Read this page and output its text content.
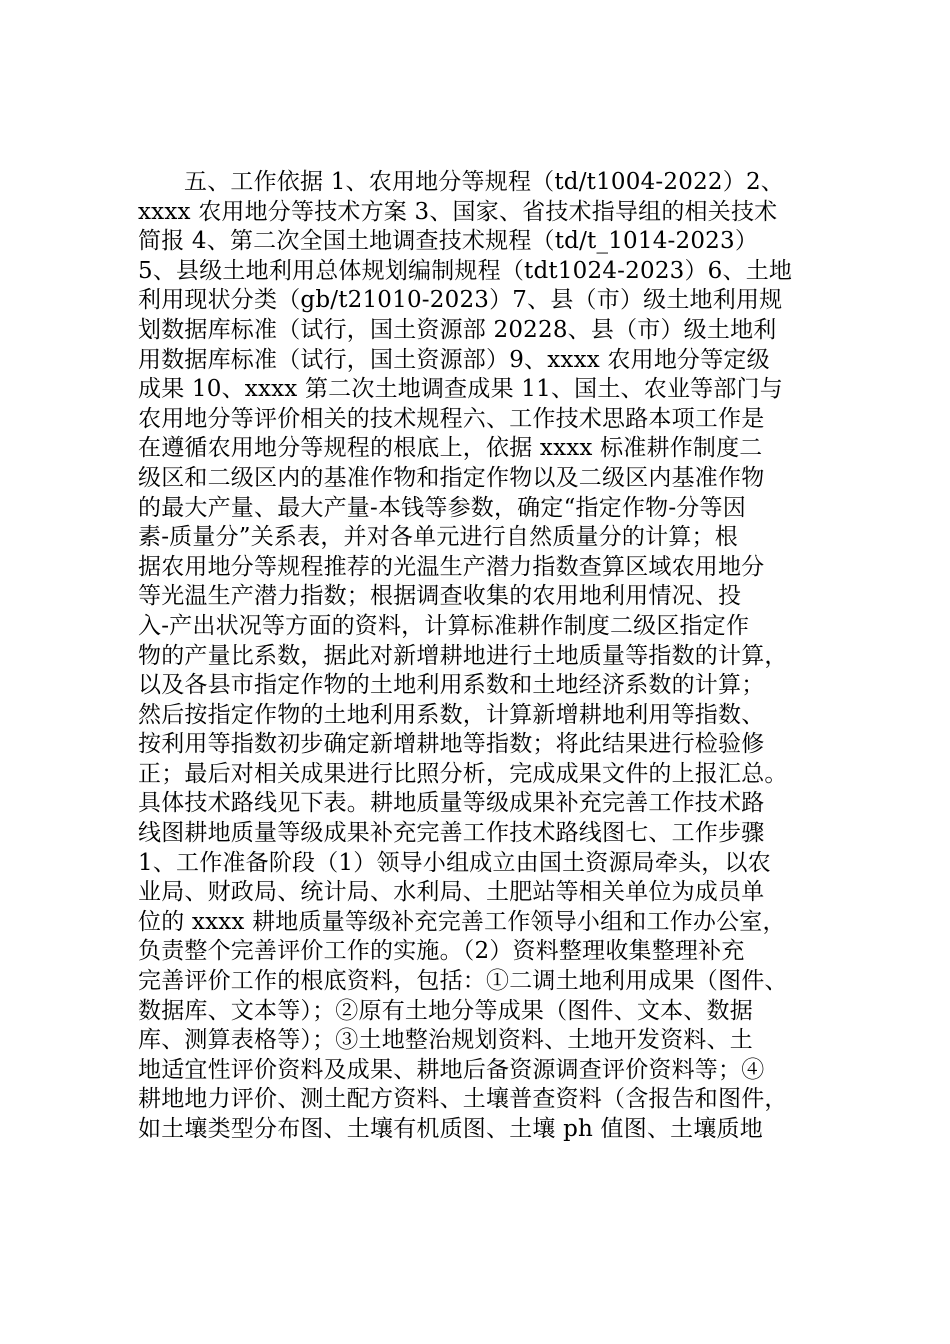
五、工作依据 1、农用地分等规程（td/t1004-2022）2、
xxxx 农用地分等技术方案 3、国家、省技术指导组的相关技术
简报 4、第二次全国土地调查技术规程（td/t_1014-2023）
5、县级土地利用总体规划编制规程（tdt1024-2023）6、土地
利用现状分类（gb/t21010-2023）7、县（市）级土地利用规
划数据库标准（试行，国土资源部 20228、县（市）级土地利
用数据库标准（试行，国土资源部）9、xxxx 农用地分等定级
成果 10、xxxx 第二次土地调查成果 11、国土、农业等部门与
农用地分等评价相关的技术规程六、工作技术思路本项工作是
在遵循农用地分等规程的根底上，依据 xxxx 标准耕作制度二
级区和二级区内的基准作物和指定作物以及二级区内基准作物
的最大产量、最大产量-本钱等参数，确定“指定作物-分等因
素-质量分”关系表，并对各单元进行自然质量分的计算；根
据农用地分等规程推荐的光温生产潜力指数查算区域农用地分
等光温生产潜力指数；根据调查收集的农用地利用情况、投
入-产出状况等方面的资料，计算标准耕作制度二级区指定作
物的产量比系数，据此对新增耕地进行土地质量等指数的计算，
以及各县市指定作物的土地利用系数和土地经济系数的计算；
然后按指定作物的土地利用系数，计算新增耕地利用等指数、
按利用等指数初步确定新增耕地等指数；将此结果进行检验修
正；最后对相关成果进行比照分析，完成成果文件的上报汇总。
具体技术路线见下表。耕地质量等级成果补充完善工作技术路
线图耕地质量等级成果补充完善工作技术路线图七、工作步骤
1、工作准备阶段（1）领导小组成立由国土资源局牵头，以农
业局、财政局、统计局、水利局、土肥站等相关单位为成员单
位的 xxxx 耕地质量等级补充完善工作领导小组和工作办公室，
负责整个完善评价工作的实施。（2）资料整理收集整理补充
完善评价工作的根底资料，包括：①二调土地利用成果（图件、
数据库、文本等）；②原有土地分等成果（图件、文本、数据
库、测算表格等）；③土地整治规划资料、土地开发资料、土
地适宜性评价资料及成果、耕地后备资源调查评价资料等；④
耕地地力评价、测土配方资料、土壤普查资料（含报告和图件，
如土壤类型分布图、土壤有机质图、土壤 ph 值图、土壤质地
